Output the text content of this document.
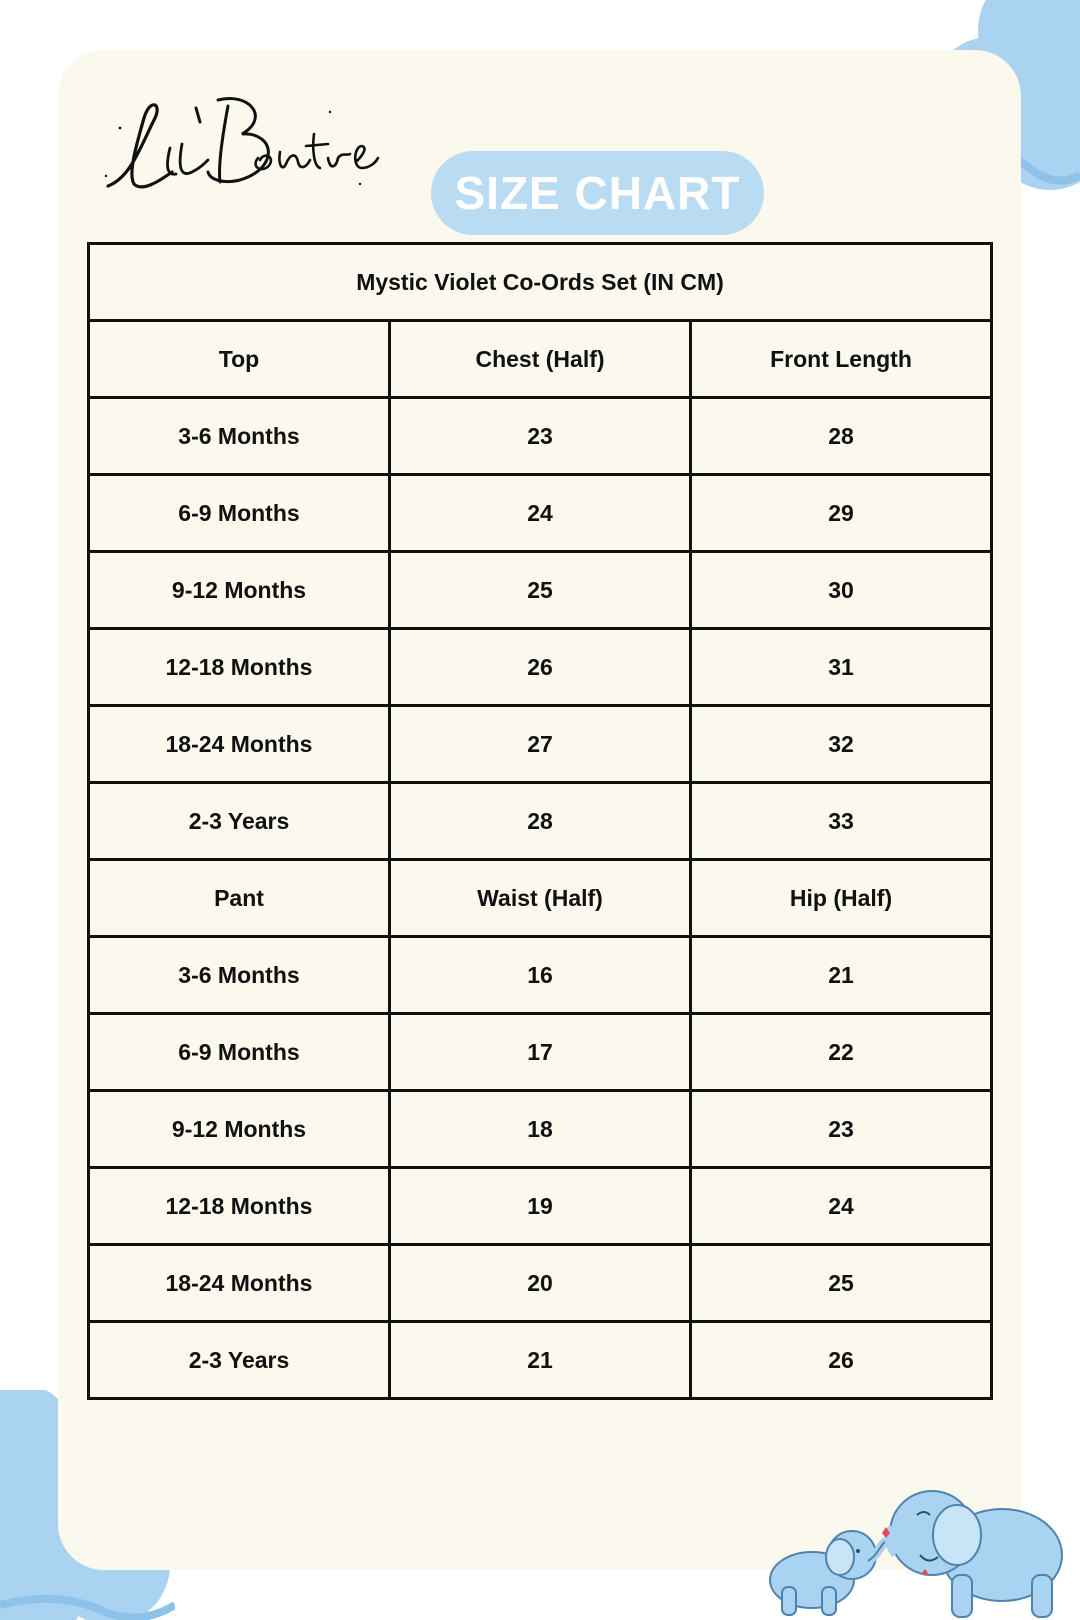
SIZE CHART
Mystic Violet Co-Ords Set (IN CM)		
Top	Chest (Half)	Front Length
3-6 Months	23	28
6-9 Months	24	29
9-12 Months	25	30
12-18 Months	26	31
18-24 Months	27	32
2-3 Years	28	33
Pant	Waist (Half)	Hip (Half)
3-6 Months	16	21
6-9 Months	17	22
9-12 Months	18	23
12-18 Months	19	24
18-24 Months	20	25
2-3 Years	21	26
